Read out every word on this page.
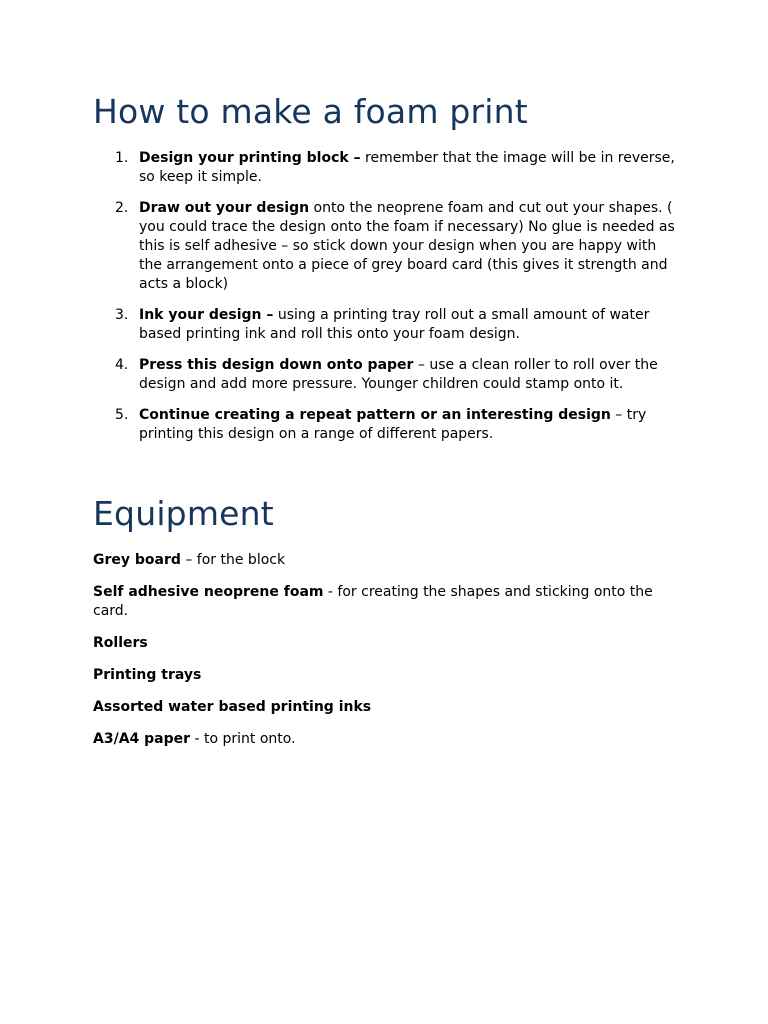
How to make a foam print
1. Design your printing block – remember that the image will be in reverse, so keep it simple.
2. Draw out your design onto the neoprene foam and cut out your shapes. ( you could trace the design onto the foam if necessary) No glue is needed as this is self adhesive – so stick down your design when you are happy with the arrangement onto a piece of grey board card (this gives it strength and acts a block)
3. Ink your design – using a printing tray roll out a small amount of water based printing ink and roll this onto your foam design.
4. Press this design down onto paper – use a clean roller to roll over the design and add more pressure. Younger children could stamp onto it.
5. Continue creating a repeat pattern or an interesting design – try printing this design on a range of different papers.
Equipment

Grey board – for the block

Self adhesive neoprene foam - for creating the shapes and sticking onto the card.

Rollers

Printing trays

Assorted water based printing inks

A3/A4 paper - to print onto.
